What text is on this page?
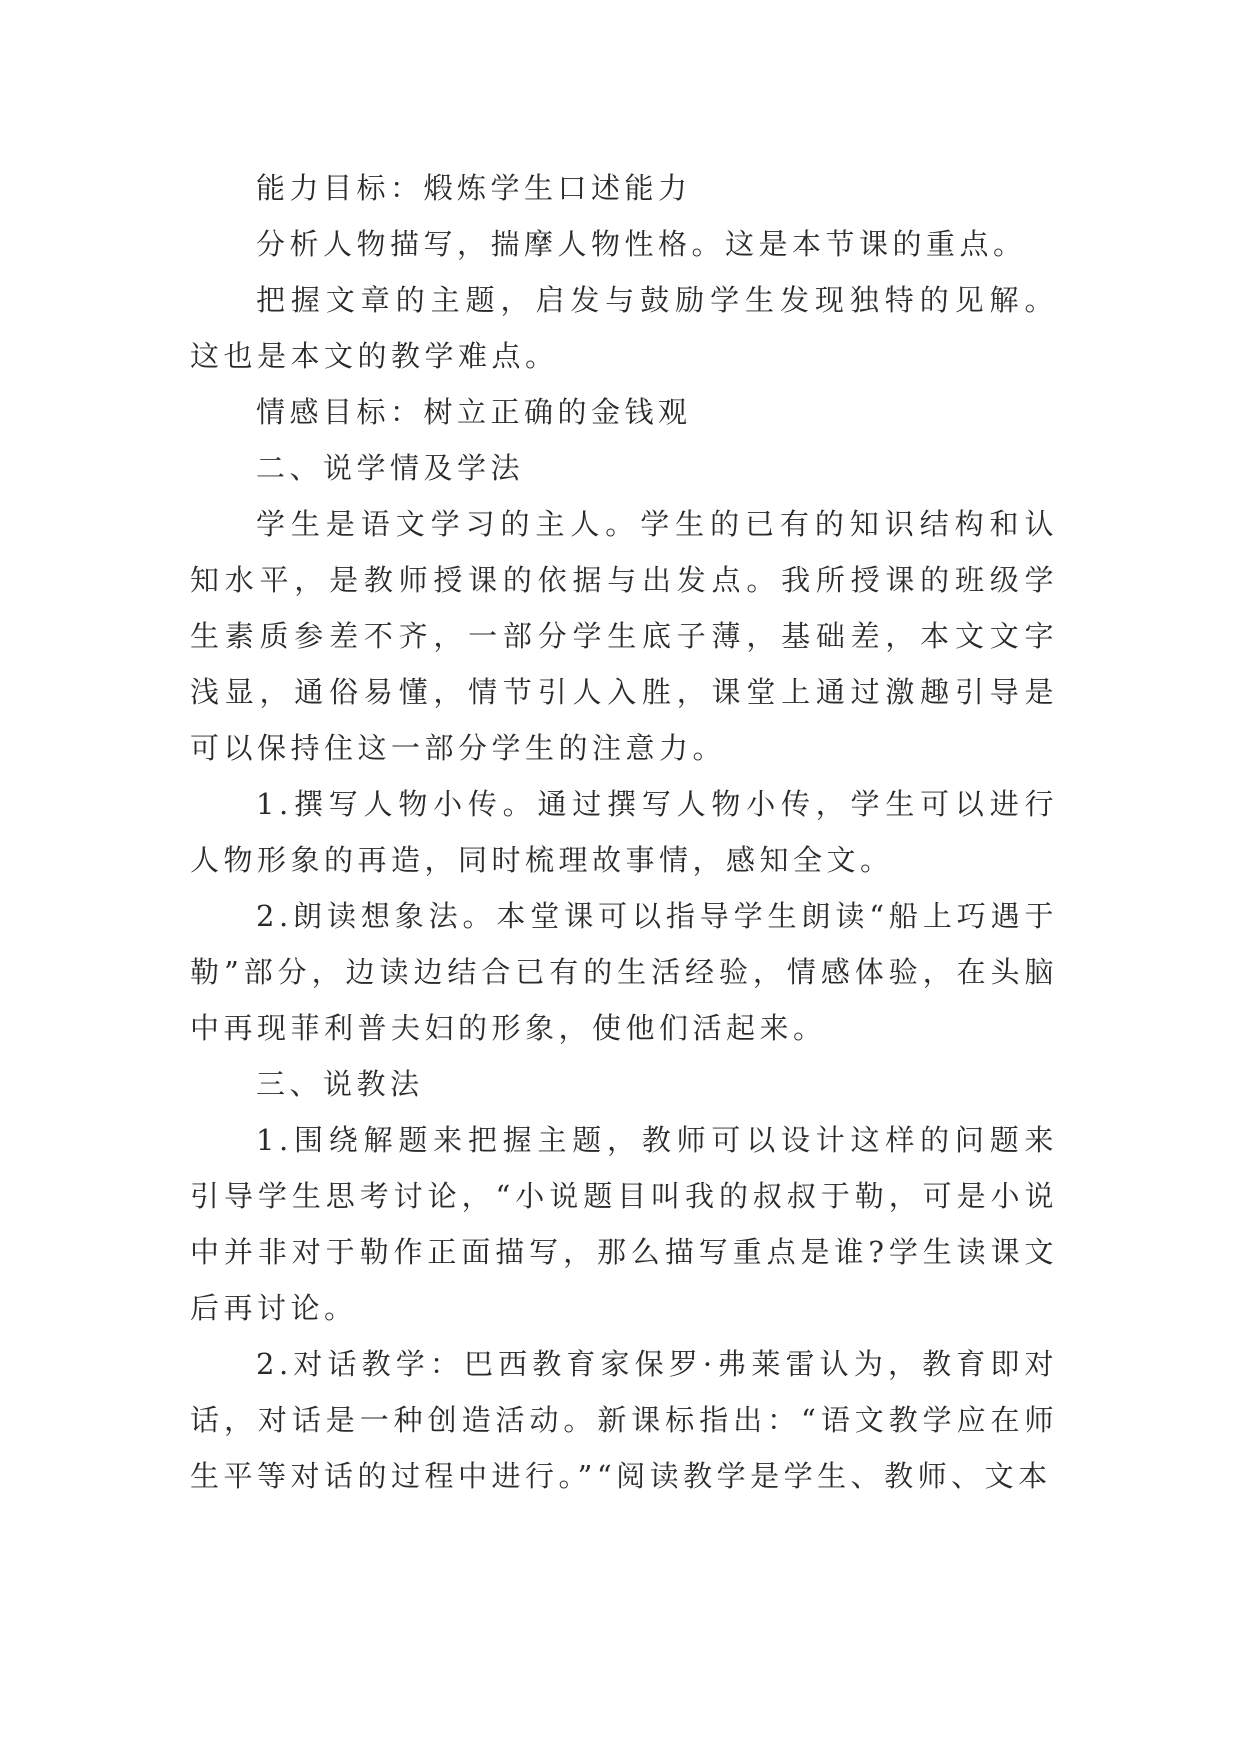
能力目标：煅炼学生口述能力

分析人物描写，揣摩人物性格。这是本节课的重点。

把握文章的主题，启发与鼓励学生发现独特的见解。这也是本文的教学难点。

情感目标：树立正确的金钱观

二、说学情及学法

学生是语文学习的主人。学生的已有的知识结构和认知水平，是教师授课的依据与出发点。我所授课的班级学生素质参差不齐，一部分学生底子薄，基础差，本文文字浅显，通俗易懂，情节引人入胜，课堂上通过激趣引导是可以保持住这一部分学生的注意力。

1.撰写人物小传。通过撰写人物小传，学生可以进行人物形象的再造，同时梳理故事情，感知全文。

2.朗读想象法。本堂课可以指导学生朗读“船上巧遇于勒”部分，边读边结合已有的生活经验，情感体验，在头脑中再现菲利普夫妇的形象，使他们活起来。

三、说教法

1.围绕解题来把握主题，教师可以设计这样的问题来引导学生思考讨论，“小说题目叫我的叔叔于勒，可是小说中并非对于勒作正面描写，那么描写重点是谁?学生读课文后再讨论。

2.对话教学：巴西教育家保罗·弗莱雷认为，教育即对话，对话是一种创造活动。新课标指出：“语文教学应在师生平等对话的过程中进行。”“阅读教学是学生、教师、文本
